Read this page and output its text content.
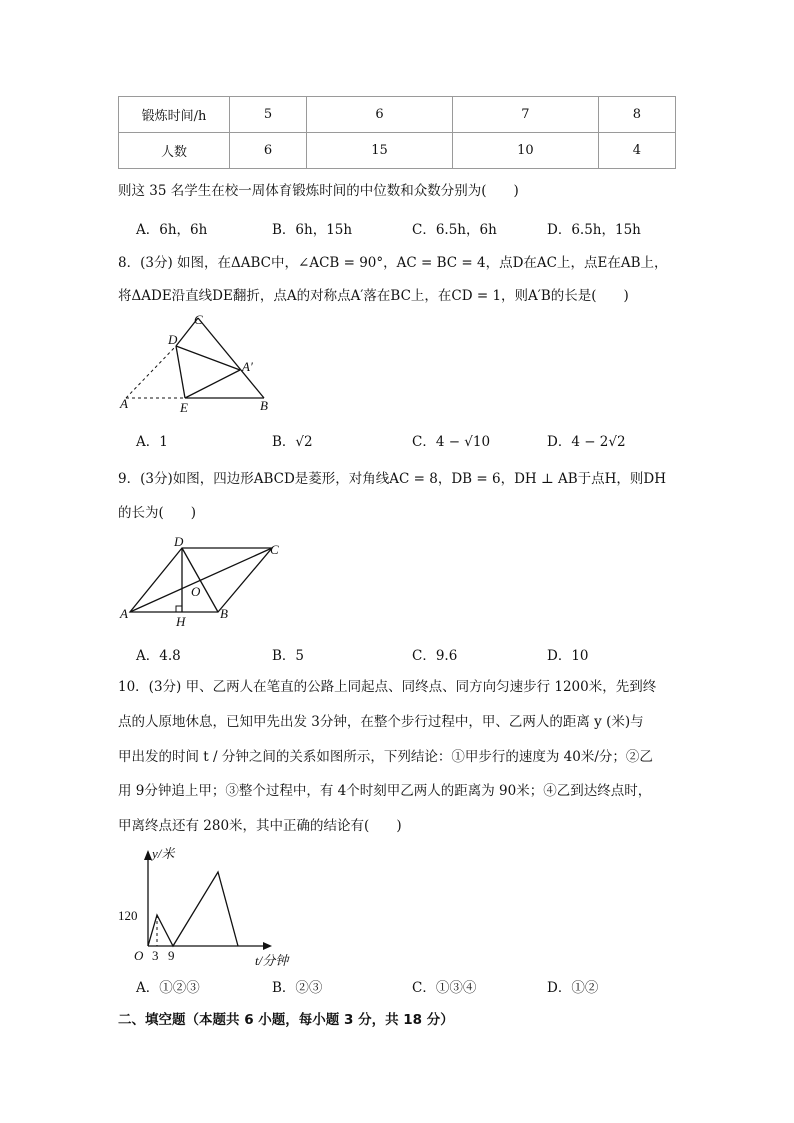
锻炼时间/h	5	6	7	8
人数	6	15	10	4
则这 35 名学生在校一周体育锻炼时间的中位数和众数分别为(　　)
A．6h，6h	B．6h，15h	C．6.5h，6h	D．6.5h，15h
8．(3分) 如图，在ΔABC中，∠ACB = 90°，AC = BC = 4，点D在AC上，点E在AB上，
将ΔADE沿直线DE翻折，点A的对称点A′落在BC上，在CD = 1，则A′B的长是(　　)
C
D
A′
A	E	B
A．1	B．√2	C．4 − √10	D．4 − 2√2
9．(3分)如图，四边形ABCD是菱形，对角线AC = 8，DB = 6，DH ⊥ AB于点H，则DH
的长为(　　)
D
C
O
A	B
H
A．4.8	B．5	C．9.6	D．10
10．(3分) 甲、乙两人在笔直的公路上同起点、同终点、同方向匀速步行 1200米，先到终
点的人原地休息，已知甲先出发 3分钟，在整个步行过程中，甲、乙两人的距离 y (米)与
甲出发的时间 t / 分钟之间的关系如图所示，下列结论：①甲步行的速度为 40米/分；②乙
用 9分钟追上甲；③整个过程中，有 4个时刻甲乙两人的距离为 90米；④乙到达终点时，
甲离终点还有 280米，其中正确的结论有(　　)
y/米
t/分钟
O
120
3 9
A．①②③	B．②③	C．①③④	D．①②
二、填空题（本题共 6 小题，每小题 3 分，共 18 分）
